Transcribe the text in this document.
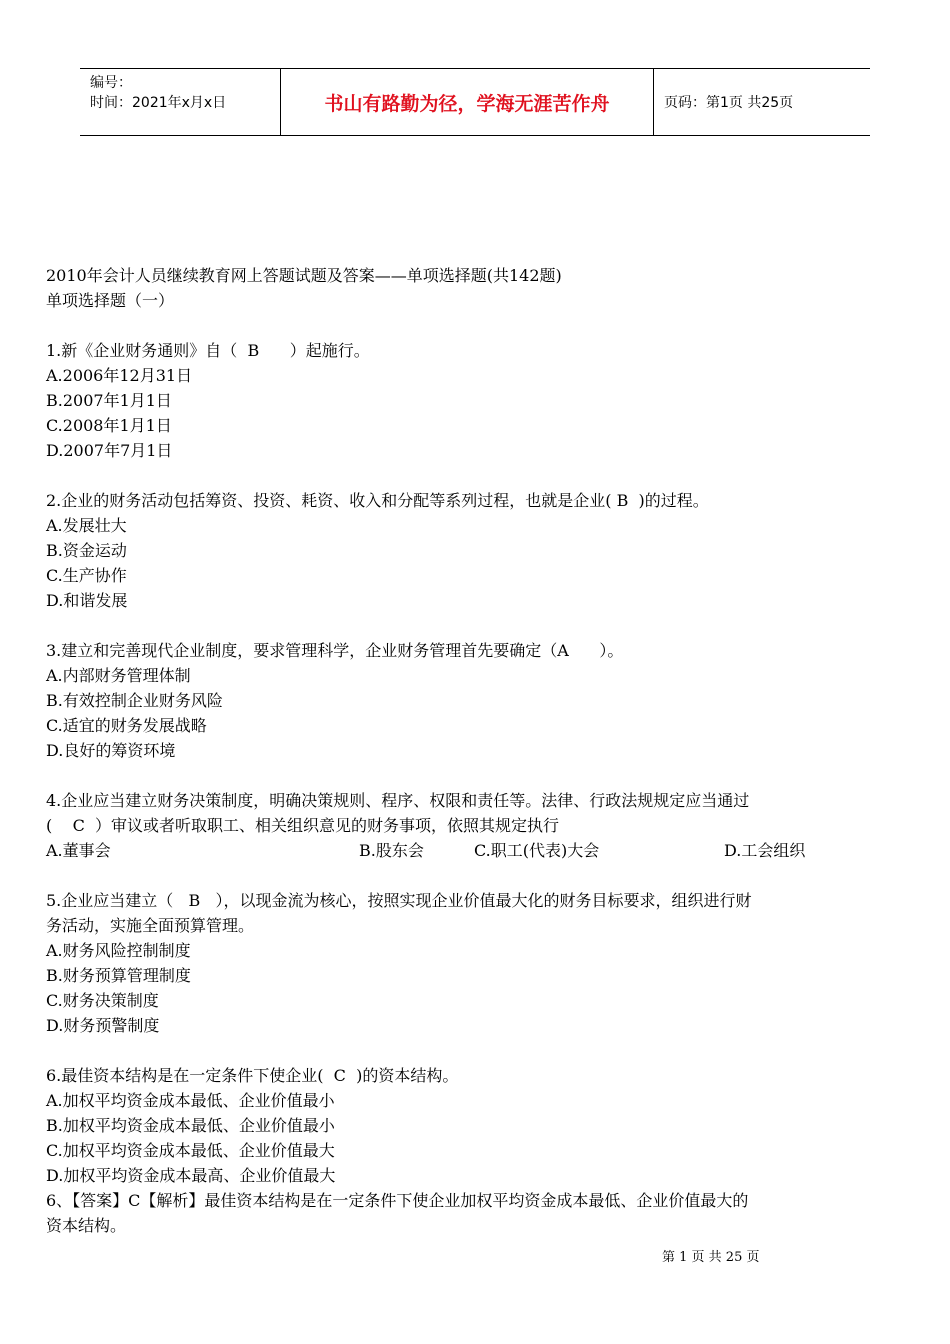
编号：
时间：2021年x月x日	书山有路勤为径，学海无涯苦作舟	页码：第1页 共25页
2010年会计人员继续教育网上答题试题及答案——单项选择题(共142题)
单项选择题（一）
1.新《企业财务通则》自（  B      ）起施行。
A.2006年12月31日
B.2007年1月1日
C.2008年1月1日
D.2007年7月1日
2.企业的财务活动包括筹资、投资、耗资、收入和分配等系列过程，也就是企业( B  )的过程。
A.发展壮大
B.资金运动
C.生产协作
D.和谐发展
3.建立和完善现代企业制度，要求管理科学，企业财务管理首先要确定（A      ）。
A.内部财务管理体制
B.有效控制企业财务风险
C.适宜的财务发展战略
D.良好的筹资环境
4.企业应当建立财务决策制度，明确决策规则、程序、权限和责任等。法律、行政法规规定应当通过
(    C  ）审议或者听取职工、相关组织意见的财务事项，依照其规定执行
A.董事会	B.股东会	C.职工(代表)大会	D.工会组织
5.企业应当建立（   B   ），以现金流为核心，按照实现企业价值最大化的财务目标要求，组织进行财
务活动，实施全面预算管理。
A.财务风险控制制度
B.财务预算管理制度
C.财务决策制度
D.财务预警制度
6.最佳资本结构是在一定条件下使企业(  C  )的资本结构。
A.加权平均资金成本最低、企业价值最小
B.加权平均资金成本最低、企业价值最小
C.加权平均资金成本最低、企业价值最大
D.加权平均资金成本最高、企业价值最大
6、【答案】C【解析】最佳资本结构是在一定条件下使企业加权平均资金成本最低、企业价值最大的
资本结构。
第 1 页 共 25 页
